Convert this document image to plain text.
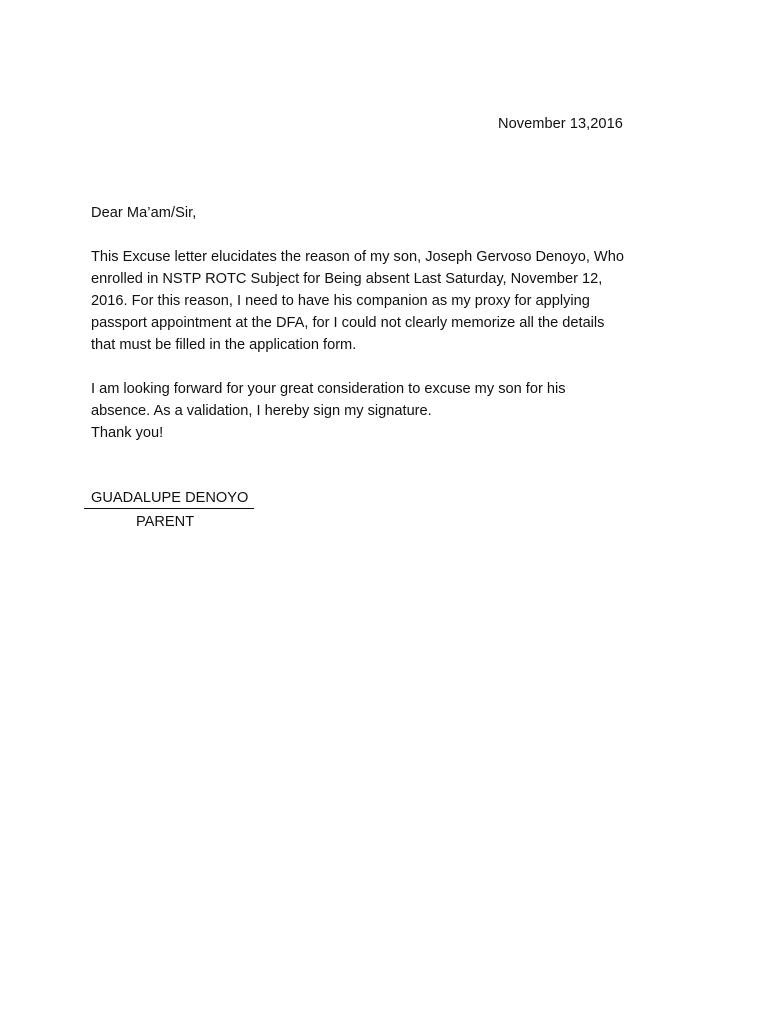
November 13,2016
Dear Ma’am/Sir,
This Excuse letter elucidates the reason of my son, Joseph Gervoso Denoyo, Who
enrolled in NSTP ROTC Subject for Being absent Last Saturday, November 12,
2016. For this reason, I need to have his companion as my proxy for applying
passport appointment at the DFA, for I could not clearly memorize all the details
that must be filled in the application form.
I am looking forward for your great consideration to excuse my son for his
absence. As a validation, I hereby sign my signature.
Thank you!
GUADALUPE DENOYO
PARENT
